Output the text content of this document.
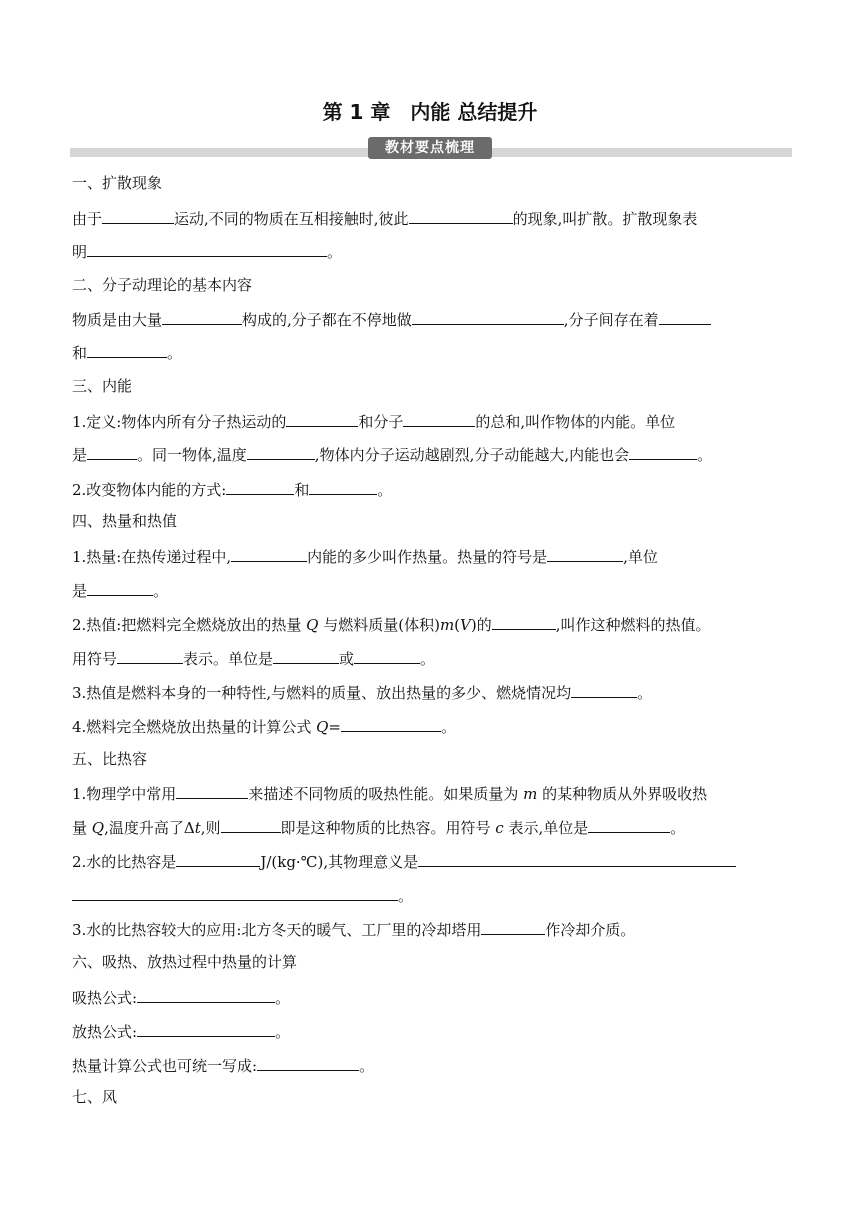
第 1 章　内能 总结提升
教材要点梳理
一、扩散现象
由于	运动,不同的物质在互相接触时,彼此	的现象,叫扩散。扩散现象表
明	。
二、分子动理论的基本内容
物质是由大量	构成的,分子都在不停地做	,分子间存在着
和	。
三、内能
1.定义:物体内所有分子热运动的	和分子	的总和,叫作物体的内能。单位
是	。同一物体,温度	,物体内分子运动越剧烈,分子动能越大,内能也会	。
2.改变物体内能的方式:	和	。
四、热量和热值
1.热量:在热传递过程中,	内能的多少叫作热量。热量的符号是	,单位
是	。
2.热值:把燃料完全燃烧放出的热量 Q 与燃料质量(体积)m(V)的	,叫作这种燃料的热值。
用符号	表示。单位是	或	。
3.热值是燃料本身的一种特性,与燃料的质量、放出热量的多少、燃烧情况均	。
4.燃料完全燃烧放出热量的计算公式 Q=	。
五、比热容
1.物理学中常用	来描述不同物质的吸热性能。如果质量为 m 的某种物质从外界吸收热
量 Q,温度升高了Δt,则	即是这种物质的比热容。用符号 c 表示,单位是	。
2.水的比热容是	J/(kg·℃),其物理意义是
。
3.水的比热容较大的应用:北方冬天的暖气、工厂里的冷却塔用	作冷却介质。
六、吸热、放热过程中热量的计算
吸热公式:	。
放热公式:	。
热量计算公式也可统一写成:	。
七、风
